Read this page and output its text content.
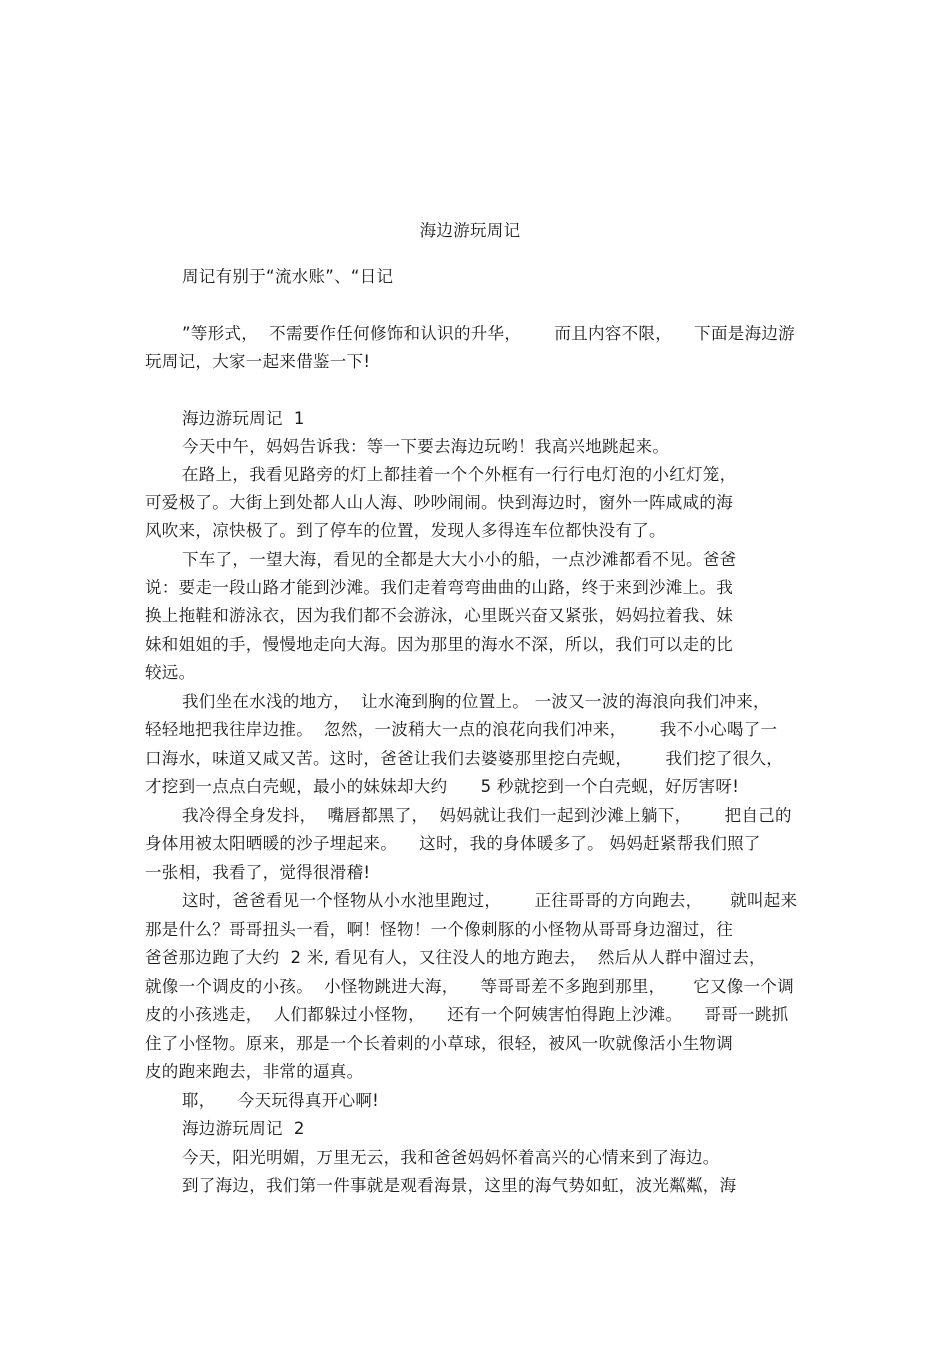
海边游玩周记
周记有别于“流水账”、“日记
”等形式，  不需要作任何修饰和认识的升华，      而且内容不限，    下面是海边游
玩周记，大家一起来借鉴一下!
海边游玩周记  1
今天中午，妈妈告诉我：等一下要去海边玩哟！我高兴地跳起来。
在路上，我看见路旁的灯上都挂着一个个外框有一行行电灯泡的小红灯笼，
可爱极了。大街上到处都人山人海、吵吵闹闹。快到海边时，窗外一阵咸咸的海
风吹来，凉快极了。到了停车的位置，发现人多得连车位都快没有了。
下车了，一望大海，看见的全都是大大小小的船，一点沙滩都看不见。爸爸
说：要走一段山路才能到沙滩。我们走着弯弯曲曲的山路，终于来到沙滩上。我
换上拖鞋和游泳衣，因为我们都不会游泳，心里既兴奋又紧张，妈妈拉着我、妹
妹和姐姐的手，慢慢地走向大海。因为那里的海水不深，所以，我们可以走的比
较远。
我们坐在水浅的地方，  让水淹到胸的位置上。 一波又一波的海浪向我们冲来，
轻轻地把我往岸边推。  忽然，一波稍大一点的浪花向我们冲来，      我不小心喝了一
口海水，味道又咸又苦。这时，爸爸让我们去婆婆那里挖白壳蚬，      我们挖了很久，
才挖到一点点白壳蚬，最小的妹妹却大约      5 秒就挖到一个白壳蚬，好厉害呀!
我冷得全身发抖，  嘴唇都黑了，  妈妈就让我们一起到沙滩上躺下，      把自己的
身体用被太阳晒暖的沙子埋起来。    这时，我的身体暖多了。 妈妈赶紧帮我们照了
一张相，我看了，觉得很滑稽!
这时，爸爸看见一个怪物从小水池里跑过，      正往哥哥的方向跑去，     就叫起来
那是什么？哥哥扭头一看，啊！怪物！一个像刺豚的小怪物从哥哥身边溜过，往
爸爸那边跑了大约  2 米, 看见有人，又往没人的地方跑去，  然后从人群中溜过去，
就像一个调皮的小孩。  小怪物跳进大海，    等哥哥差不多跑到那里，     它又像一个调
皮的小孩逃走，  人们都躲过小怪物，    还有一个阿姨害怕得跑上沙滩。    哥哥一跳抓
住了小怪物。原来，那是一个长着刺的小草球，很轻，被风一吹就像活小生物调
皮的跑来跑去，非常的逼真。
耶，    今天玩得真开心啊!
海边游玩周记  2
今天，阳光明媚，万里无云，我和爸爸妈妈怀着高兴的心情来到了海边。
到了海边，我们第一件事就是观看海景，这里的海气势如虹，波光粼粼，海
